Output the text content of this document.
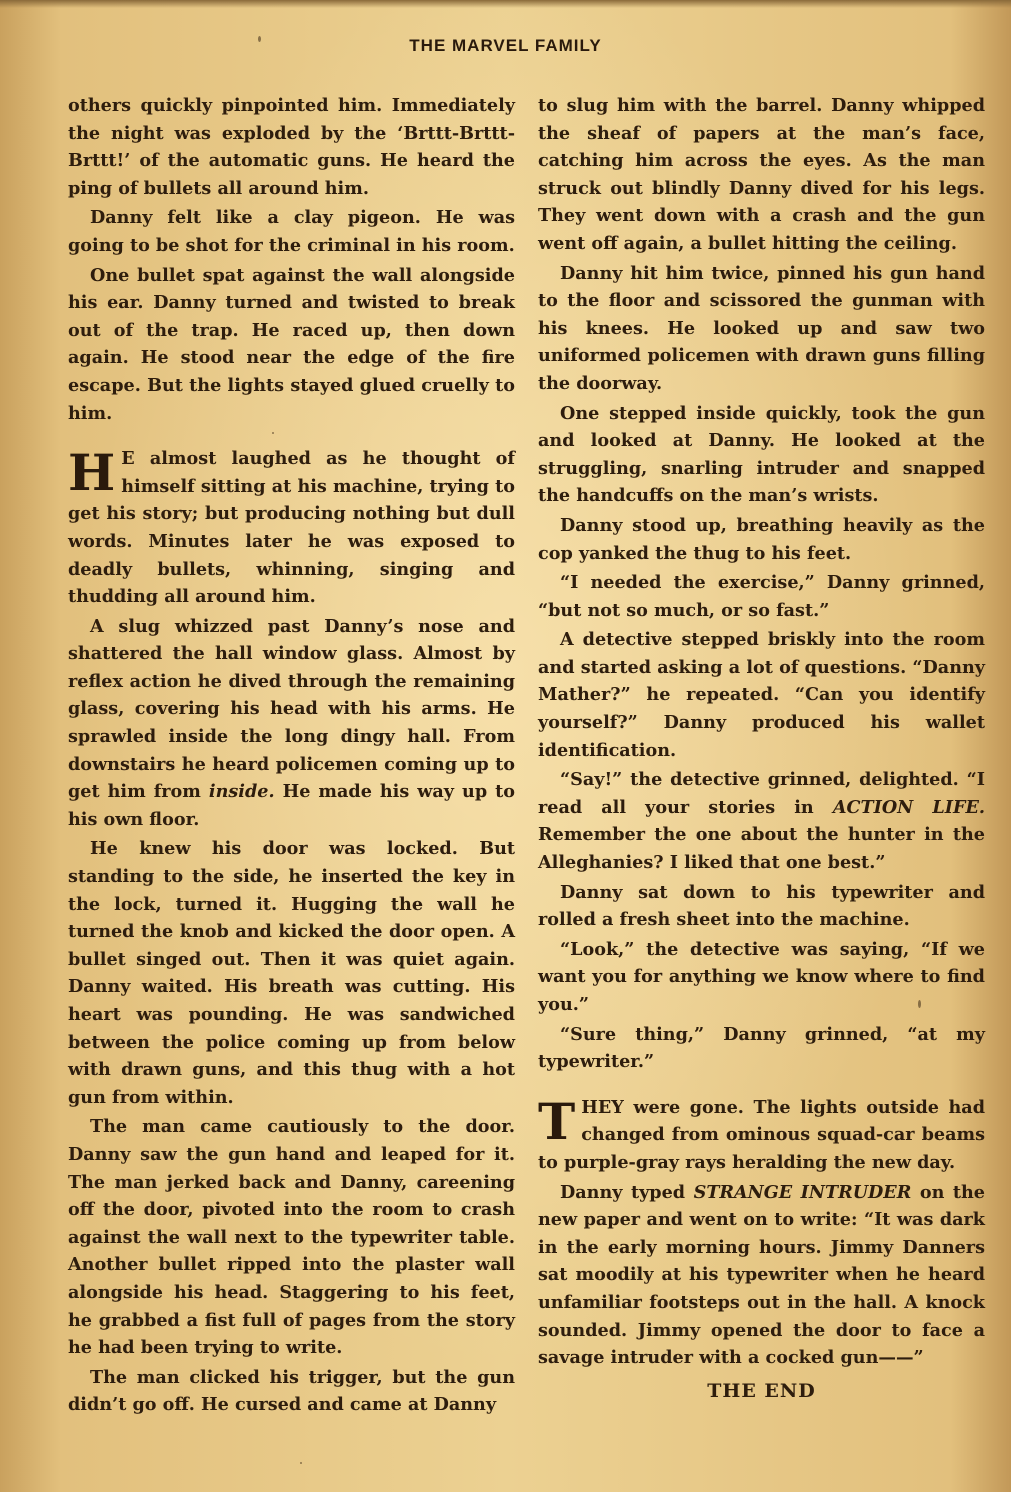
THE MARVEL FAMILY

others quickly pinpointed him. Immediately the night was exploded by the ‘Brttt-Brttt-Brttt!’ of the automatic guns. He heard the ping of bullets all around him.

Danny felt like a clay pigeon. He was going to be shot for the criminal in his room.

One bullet spat against the wall alongside his ear. Danny turned and twisted to break out of the trap. He raced up, then down again. He stood near the edge of the fire escape. But the lights stayed glued cruelly to him.

H E almost laughed as he thought of himself sitting at his machine, trying to get his story; but producing nothing but dull words. Minutes later he was exposed to deadly bullets, whinning, singing and thudding all around him.

A slug whizzed past Danny’s nose and shattered the hall window glass. Almost by reflex action he dived through the remaining glass, covering his head with his arms. He sprawled inside the long dingy hall. From downstairs he heard policemen coming up to get him from inside. He made his way up to his own floor.

He knew his door was locked. But standing to the side, he inserted the key in the lock, turned it. Hugging the wall he turned the knob and kicked the door open. A bullet singed out. Then it was quiet again. Danny waited. His breath was cutting. His heart was pounding. He was sandwiched between the police coming up from below with drawn guns, and this thug with a hot gun from within.

The man came cautiously to the door. Danny saw the gun hand and leaped for it. The man jerked back and Danny, careening off the door, pivoted into the room to crash against the wall next to the typewriter table. Another bullet ripped into the plaster wall alongside his head. Staggering to his feet, he grabbed a fist full of pages from the story he had been trying to write.

The man clicked his trigger, but the gun didn’t go off. He cursed and came at Danny

to slug him with the barrel. Danny whipped the sheaf of papers at the man’s face, catching him across the eyes. As the man struck out blindly Danny dived for his legs. They went down with a crash and the gun went off again, a bullet hitting the ceiling.

Danny hit him twice, pinned his gun hand to the floor and scissored the gunman with his knees. He looked up and saw two uniformed policemen with drawn guns filling the doorway.

One stepped inside quickly, took the gun and looked at Danny. He looked at the struggling, snarling intruder and snapped the handcuffs on the man’s wrists.

Danny stood up, breathing heavily as the cop yanked the thug to his feet.

“I needed the exercise,” Danny grinned, “but not so much, or so fast.”

A detective stepped briskly into the room and started asking a lot of questions. “Danny Mather?” he repeated. “Can you identify yourself?” Danny produced his wallet identification.

“Say!” the detective grinned, delighted. “I read all your stories in ACTION LIFE. Remember the one about the hunter in the Alleghanies? I liked that one best.”

Danny sat down to his typewriter and rolled a fresh sheet into the machine.

“Look,” the detective was saying, “If we want you for anything we know where to find you.”

“Sure thing,” Danny grinned, “at my typewriter.”

THEY were gone. The lights outside had changed from ominous squad-car beams to purple-gray rays heralding the new day.

Danny typed STRANGE INTRUDER on the new paper and went on to write: “It was dark in the early morning hours. Jimmy Danners sat moodily at his typewriter when he heard unfamiliar footsteps out in the hall. A knock sounded. Jimmy opened the door to face a savage intruder with a cocked gun——”

THE END
